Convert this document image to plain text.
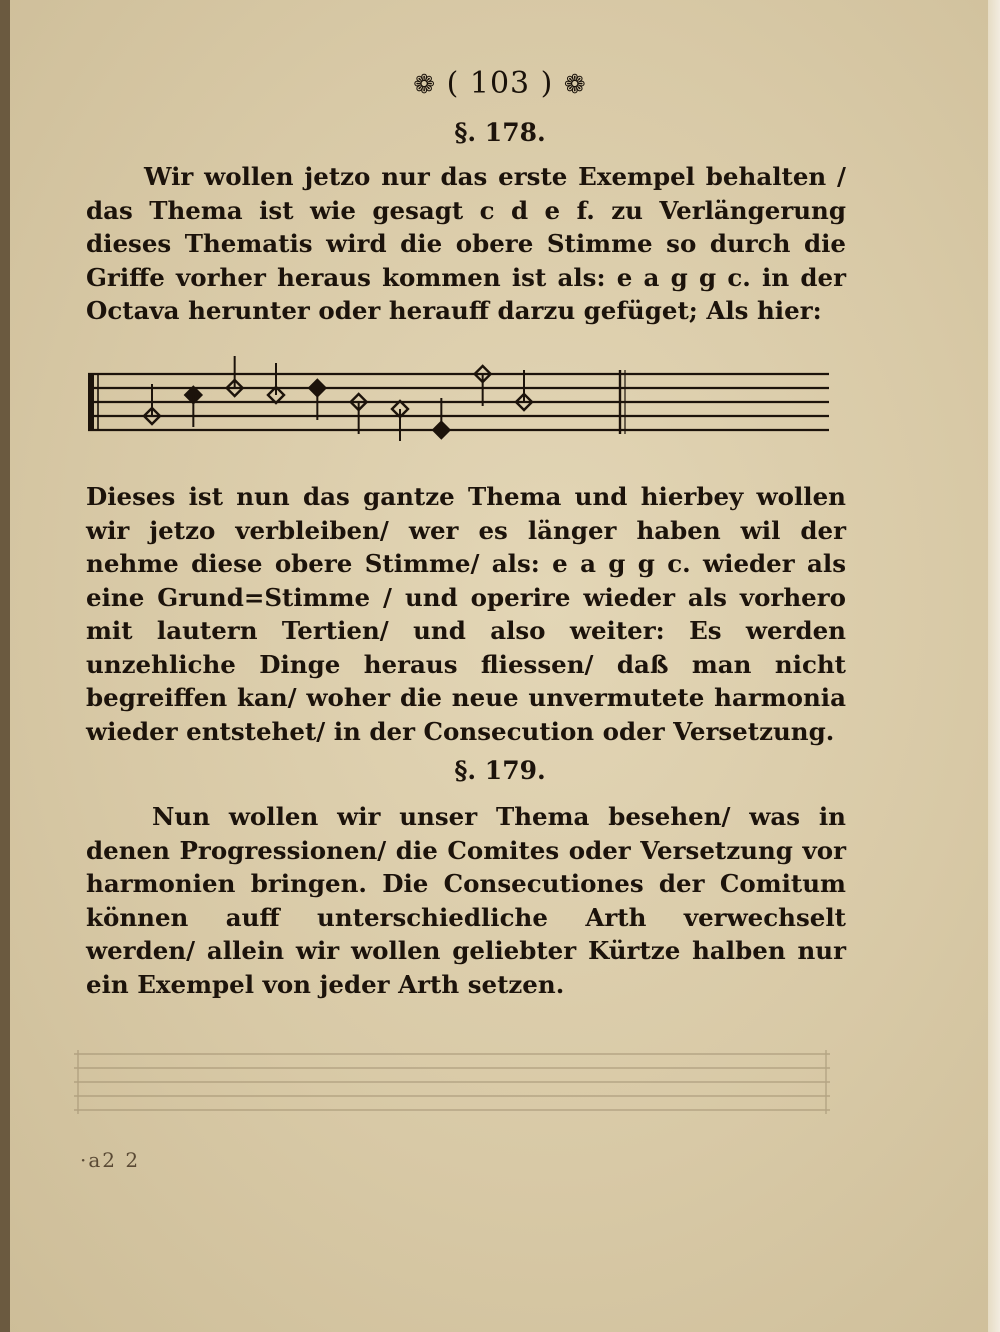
❁ ( 103 ) ❁
§. 178.
Wir wollen jetzo nur das erste Exempel behalten / das Thema ist wie gesagt c d e f. zu Verlängerung dieses Thematis wird die obere Stimme so durch die Griffe vorher heraus kommen ist als: e a g g c. in der Octava herunter oder herauff darzu gefüget; Als hier:
Dieses ist nun das gantze Thema und hierbey wollen wir jetzo verbleiben/ wer es länger haben wil der nehme diese obere Stimme/ als: e a g g c. wieder als eine Grund=Stimme / und operire wieder als vorhero mit lautern Tertien/ und also weiter: Es werden unzehliche Dinge heraus fliessen/ daß man nicht begreiffen kan/ woher die neue unvermutete harmonia wieder entstehet/ in der Consecution oder Versetzung.
§. 179.
Nun wollen wir unser Thema besehen/ was in denen Progressionen/ die Comites oder Versetzung vor harmonien bringen. Die Consecutiones der Comitum können auff unterschiedliche Arth verwechselt werden/ allein wir wollen geliebter Kürtze halben nur ein Exempel von jeder Arth setzen.
·a2 2
